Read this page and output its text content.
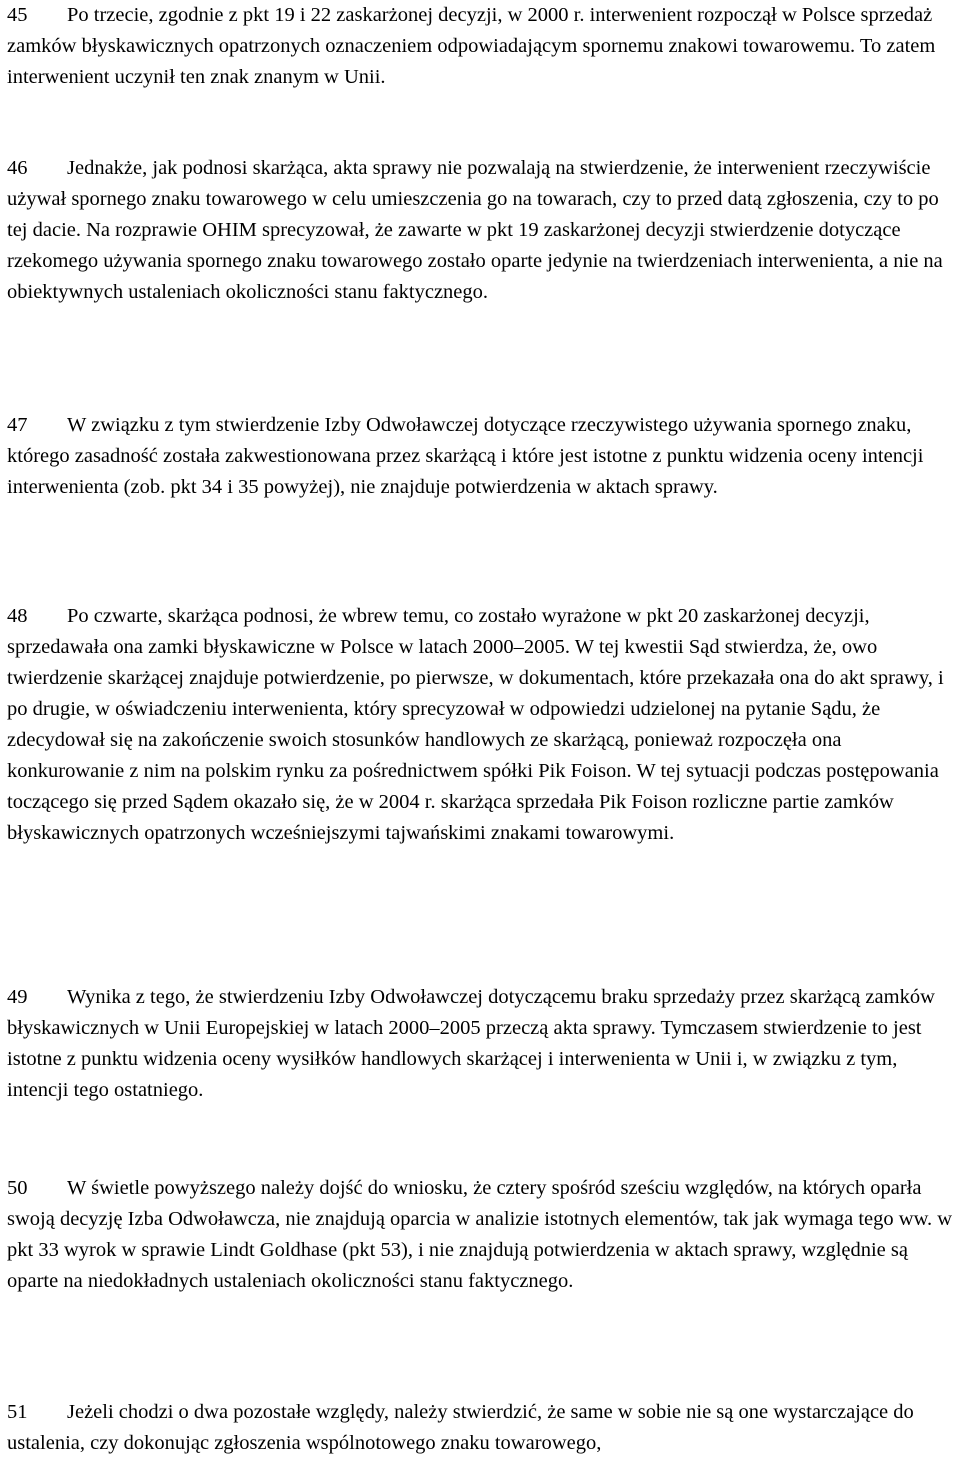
45 Po trzecie, zgodnie z pkt 19 i 22 zaskarżonej decyzji, w 2000 r. interwenient rozpoczął w Polsce sprzedaż zamków błyskawicznych opatrzonych oznaczeniem odpowiadającym spornemu znakowi towarowemu. To zatem interwenient uczynił ten znak znanym w Unii.

46 Jednakże, jak podnosi skarżąca, akta sprawy nie pozwalają na stwierdzenie, że interwenient rzeczywiście używał spornego znaku towarowego w celu umieszczenia go na towarach, czy to przed datą zgłoszenia, czy to po tej dacie. Na rozprawie OHIM sprecyzował, że zawarte w pkt 19 zaskarżonej decyzji stwierdzenie dotyczące rzekomego używania spornego znaku towarowego zostało oparte jedynie na twierdzeniach interwenienta, a nie na obiektywnych ustaleniach okoliczności stanu faktycznego.

47 W związku z tym stwierdzenie Izby Odwoławczej dotyczące rzeczywistego używania spornego znaku, którego zasadność została zakwestionowana przez skarżącą i które jest istotne z punktu widzenia oceny intencji interwenienta (zob. pkt 34 i 35 powyżej), nie znajduje potwierdzenia w aktach sprawy.

48 Po czwarte, skarżąca podnosi, że wbrew temu, co zostało wyrażone w pkt 20 zaskarżonej decyzji, sprzedawała ona zamki błyskawiczne w Polsce w latach 2000–2005. W tej kwestii Sąd stwierdza, że, owo twierdzenie skarżącej znajduje potwierdzenie, po pierwsze, w dokumentach, które przekazała ona do akt sprawy, i po drugie, w oświadczeniu interwenienta, który sprecyzował w odpowiedzi udzielonej na pytanie Sądu, że zdecydował się na zakończenie swoich stosunków handlowych ze skarżącą, ponieważ rozpoczęła ona konkurowanie z nim na polskim rynku za pośrednictwem spółki Pik Foison. W tej sytuacji podczas postępowania toczącego się przed Sądem okazało się, że w 2004 r. skarżąca sprzedała Pik Foison rozliczne partie zamków błyskawicznych opatrzonych wcześniejszymi tajwańskimi znakami towarowymi.

49 Wynika z tego, że stwierdzeniu Izby Odwoławczej dotyczącemu braku sprzedaży przez skarżącą zamków błyskawicznych w Unii Europejskiej w latach 2000–2005 przeczą akta sprawy. Tymczasem stwierdzenie to jest istotne z punktu widzenia oceny wysiłków handlowych skarżącej i interwenienta w Unii i, w związku z tym, intencji tego ostatniego.

50 W świetle powyższego należy dojść do wniosku, że cztery spośród sześciu względów, na których oparła swoją decyzję Izba Odwoławcza, nie znajdują oparcia w analizie istotnych elementów, tak jak wymaga tego ww. w pkt 33 wyrok w sprawie Lindt Goldhase (pkt 53), i nie znajdują potwierdzenia w aktach sprawy, względnie są oparte na niedokładnych ustaleniach okoliczności stanu faktycznego.

51 Jeżeli chodzi o dwa pozostałe względy, należy stwierdzić, że same w sobie nie są one wystarczające do ustalenia, czy dokonując zgłoszenia wspólnotowego znaku towarowego,
